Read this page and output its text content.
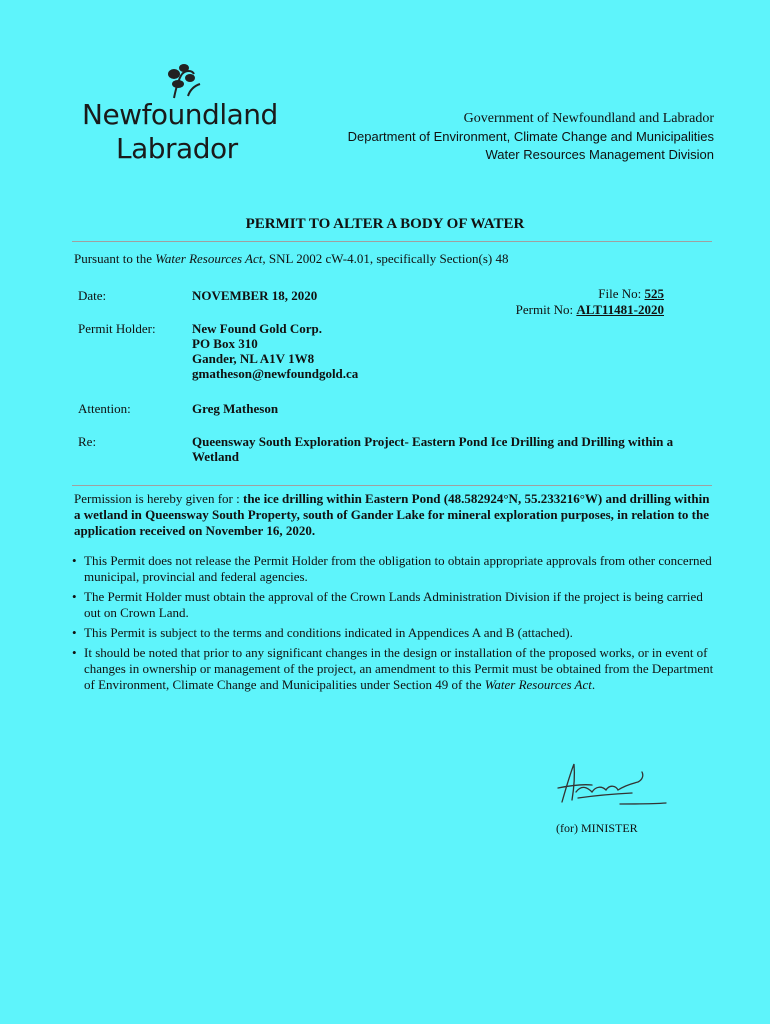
Newfoundland
Labrador
Government of Newfoundland and Labrador
Department of Environment, Climate Change and Municipalities
Water Resources Management Division
PERMIT TO ALTER A BODY OF WATER
Pursuant to the Water Resources Act, SNL 2002 cW-4.01, specifically Section(s) 48
Date:	NOVEMBER 18, 2020	File No: 525
Permit No: ALT11481-2020
Permit Holder:	New Found Gold Corp.
PO Box 310
Gander, NL A1V 1W8
gmatheson@newfoundgold.ca
Attention:	Greg Matheson
Re:	Queensway South Exploration Project- Eastern Pond Ice Drilling and Drilling within a
Wetland
Permission is hereby given for : the ice drilling within Eastern Pond (48.582924°N, 55.233216°W) and drilling within a wetland in Queensway South Property, south of Gander Lake for mineral exploration purposes, in relation to the application received on November 16, 2020.
• This Permit does not release the Permit Holder from the obligation to obtain appropriate approvals from other concerned municipal, provincial and federal agencies.
• The Permit Holder must obtain the approval of the Crown Lands Administration Division if the project is being carried out on Crown Land.
• This Permit is subject to the terms and conditions indicated in Appendices A and B (attached).
• It should be noted that prior to any significant changes in the design or installation of the proposed works, or in event of changes in ownership or management of the project, an amendment to this Permit must be obtained from the Department of Environment, Climate Change and Municipalities under Section 49 of the Water Resources Act.
(for) MINISTER
